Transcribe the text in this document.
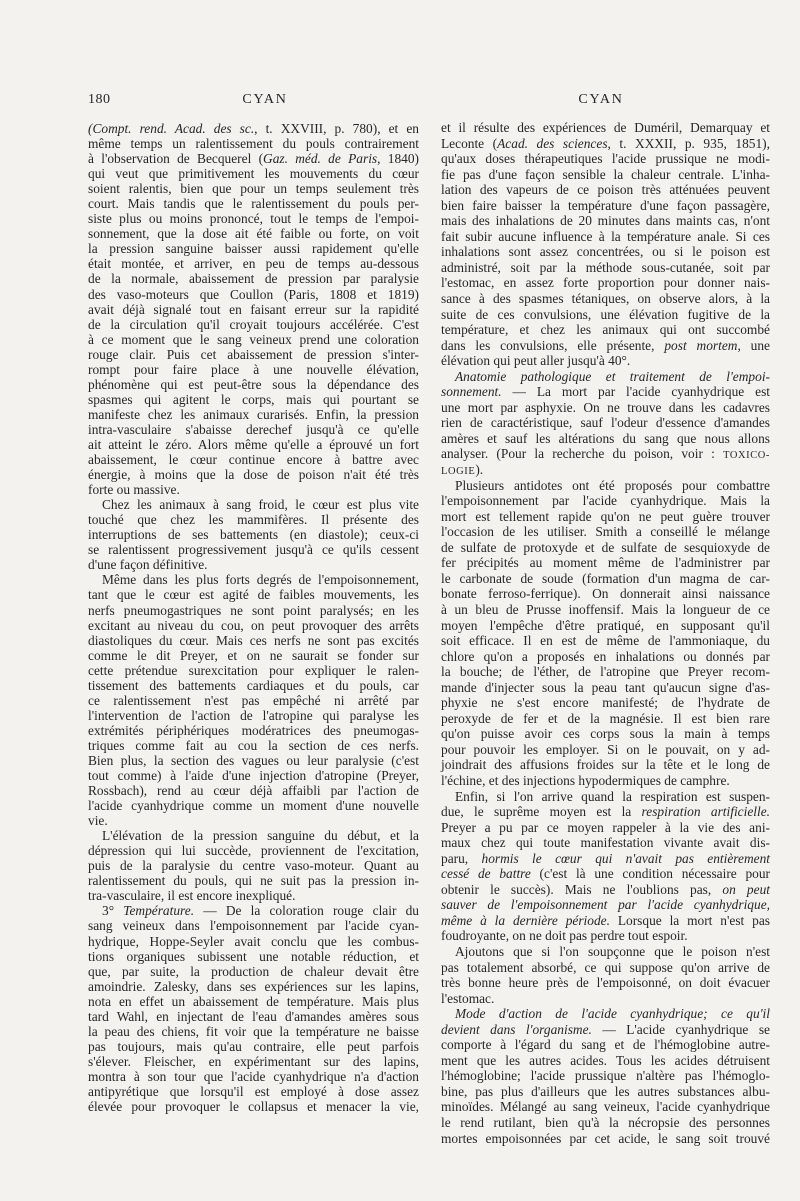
180	CYAN	CYAN
(Compt. rend. Acad. des sc., t. XXVIII, p. 780), et en
même temps un ralentissement du pouls contrairement
à l'observation de Becquerel (Gaz. méd. de Paris, 1840)
qui veut que primitivement les mouvements du cœur
soient ralentis, bien que pour un temps seulement très
court. Mais tandis que le ralentissement du pouls per-
siste plus ou moins prononcé, tout le temps de l'empoi-
sonnement, que la dose ait été faible ou forte, on voit
la pression sanguine baisser aussi rapidement qu'elle
était montée, et arriver, en peu de temps au-dessous
de la normale, abaissement de pression par paralysie
des vaso-moteurs que Coullon (Paris, 1808 et 1819)
avait déjà signalé tout en faisant erreur sur la rapidité
de la circulation qu'il croyait toujours accélérée. C'est
à ce moment que le sang veineux prend une coloration
rouge clair. Puis cet abaissement de pression s'inter-
rompt pour faire place à une nouvelle élévation,
phénomène qui est peut-être sous la dépendance des
spasmes qui agitent le corps, mais qui pourtant se
manifeste chez les animaux curarisés. Enfin, la pression
intra-vasculaire s'abaisse derechef jusqu'à ce qu'elle
ait atteint le zéro. Alors même qu'elle a éprouvé un fort
abaissement, le cœur continue encore à battre avec
énergie, à moins que la dose de poison n'ait été très
forte ou massive.
Chez les animaux à sang froid, le cœur est plus vite
touché que chez les mammifères. Il présente des
interruptions de ses battements (en diastole); ceux-ci
se ralentissent progressivement jusqu'à ce qu'ils cessent
d'une façon définitive.
Même dans les plus forts degrés de l'empoisonnement,
tant que le cœur est agité de faibles mouvements, les
nerfs pneumogastriques ne sont point paralysés; en les
excitant au niveau du cou, on peut provoquer des arrêts
diastoliques du cœur. Mais ces nerfs ne sont pas excités
comme le dit Preyer, et on ne saurait se fonder sur
cette prétendue surexcitation pour expliquer le ralen-
tissement des battements cardiaques et du pouls, car
ce ralentissement n'est pas empêché ni arrêté par
l'intervention de l'action de l'atropine qui paralyse les
extrémités périphériques modératrices des pneumogas-
triques comme fait au cou la section de ces nerfs.
Bien plus, la section des vagues ou leur paralysie (c'est
tout comme) à l'aide d'une injection d'atropine (Preyer,
Rossbach), rend au cœur déjà affaibli par l'action de
l'acide cyanhydrique comme un moment d'une nouvelle
vie.
L'élévation de la pression sanguine du début, et la
dépression qui lui succède, proviennent de l'excitation,
puis de la paralysie du centre vaso-moteur. Quant au
ralentissement du pouls, qui ne suit pas la pression in-
tra-vasculaire, il est encore inexpliqué.
3° Température. — De la coloration rouge clair du
sang veineux dans l'empoisonnement par l'acide cyan-
hydrique, Hoppe-Seyler avait conclu que les combus-
tions organiques subissent une notable réduction, et
que, par suite, la production de chaleur devait être
amoindrie. Zalesky, dans ses expériences sur les lapins,
nota en effet un abaissement de température. Mais plus
tard Wahl, en injectant de l'eau d'amandes amères sous
la peau des chiens, fit voir que la température ne baisse
pas toujours, mais qu'au contraire, elle peut parfois
s'élever. Fleischer, en expérimentant sur des lapins,
montra à son tour que l'acide cyanhydrique n'a d'action
antipyrétique que lorsqu'il est employé à dose assez
élevée pour provoquer le collapsus et menacer la vie,
et il résulte des expériences de Duméril, Demarquay et
Leconte (Acad. des sciences, t. XXXII, p. 935, 1851),
qu'aux doses thérapeutiques l'acide prussique ne modi-
fie pas d'une façon sensible la chaleur centrale. L'inha-
lation des vapeurs de ce poison très atténuées peuvent
bien faire baisser la température d'une façon passagère,
mais des inhalations de 20 minutes dans maints cas, n'ont
fait subir aucune influence à la température anale. Si ces
inhalations sont assez concentrées, ou si le poison est
administré, soit par la méthode sous-cutanée, soit par
l'estomac, en assez forte proportion pour donner nais-
sance à des spasmes tétaniques, on observe alors, à la
suite de ces convulsions, une élévation fugitive de la
température, et chez les animaux qui ont succombé
dans les convulsions, elle présente, post mortem, une
élévation qui peut aller jusqu'à 40°.
Anatomie pathologique et traitement de l'empoi-
sonnement. — La mort par l'acide cyanhydrique est
une mort par asphyxie. On ne trouve dans les cadavres
rien de caractéristique, sauf l'odeur d'essence d'amandes
amères et sauf les altérations du sang que nous allons
analyser. (Pour la recherche du poison, voir : TOXICO-
LOGIE).
Plusieurs antidotes ont été proposés pour combattre
l'empoisonnement par l'acide cyanhydrique. Mais la
mort est tellement rapide qu'on ne peut guère trouver
l'occasion de les utiliser. Smith a conseillé le mélange
de sulfate de protoxyde et de sulfate de sesquioxyde de
fer précipités au moment même de l'administrer par
le carbonate de soude (formation d'un magma de car-
bonate ferroso-ferrique). On donnerait ainsi naissance
à un bleu de Prusse inoffensif. Mais la longueur de ce
moyen l'empêche d'être pratiqué, en supposant qu'il
soit efficace. Il en est de même de l'ammoniaque, du
chlore qu'on a proposés en inhalations ou donnés par
la bouche; de l'éther, de l'atropine que Preyer recom-
mande d'injecter sous la peau tant qu'aucun signe d'as-
phyxie ne s'est encore manifesté; de l'hydrate de
peroxyde de fer et de la magnésie. Il est bien rare
qu'on puisse avoir ces corps sous la main à temps
pour pouvoir les employer. Si on le pouvait, on y ad-
joindrait des affusions froides sur la tête et le long de
l'échine, et des injections hypodermiques de camphre.
Enfin, si l'on arrive quand la respiration est suspen-
due, le suprême moyen est la respiration artificielle.
Preyer a pu par ce moyen rappeler à la vie des ani-
maux chez qui toute manifestation vivante avait dis-
paru, hormis le cœur qui n'avait pas entièrement
cessé de battre (c'est là une condition nécessaire pour
obtenir le succès). Mais ne l'oublions pas, on peut
sauver de l'empoisonnement par l'acide cyanhydrique,
même à la dernière période. Lorsque la mort n'est pas
foudroyante, on ne doit pas perdre tout espoir.
Ajoutons que si l'on soupçonne que le poison n'est
pas totalement absorbé, ce qui suppose qu'on arrive de
très bonne heure près de l'empoisonné, on doit évacuer
l'estomac.
Mode d'action de l'acide cyanhydrique; ce qu'il
devient dans l'organisme. — L'acide cyanhydrique se
comporte à l'égard du sang et de l'hémoglobine autre-
ment que les autres acides. Tous les acides détruisent
l'hémoglobine; l'acide prussique n'altère pas l'hémoglo-
bine, pas plus d'ailleurs que les autres substances albu-
minoïdes. Mélangé au sang veineux, l'acide cyanhydrique
le rend rutilant, bien qu'à la nécropsie des personnes
mortes empoisonnées par cet acide, le sang soit trouvé
